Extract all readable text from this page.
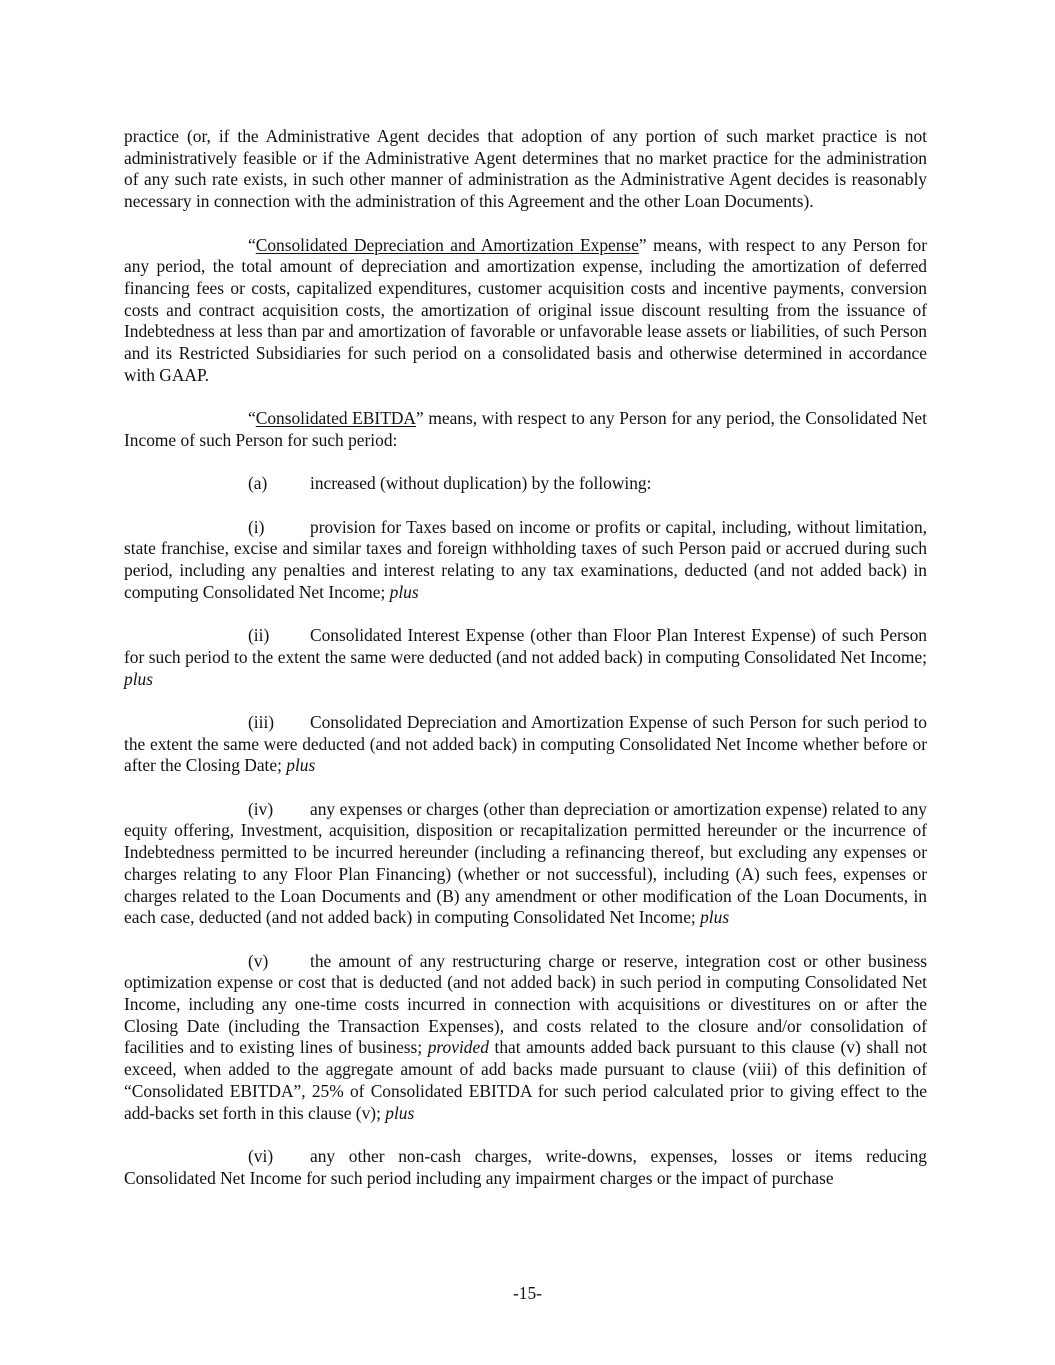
practice (or, if the Administrative Agent decides that adoption of any portion of such market practice is not administratively feasible or if the Administrative Agent determines that no market practice for the administration of any such rate exists, in such other manner of administration as the Administrative Agent decides is reasonably necessary in connection with the administration of this Agreement and the other Loan Documents).

“Consolidated Depreciation and Amortization Expense” means, with respect to any Person for any period, the total amount of depreciation and amortization expense, including the amortization of deferred financing fees or costs, capitalized expenditures, customer acquisition costs and incentive payments, conversion costs and contract acquisition costs, the amortization of original issue discount resulting from the issuance of Indebtedness at less than par and amortization of favorable or unfavorable lease assets or liabilities, of such Person and its Restricted Subsidiaries for such period on a consolidated basis and otherwise determined in accordance with GAAP.

“Consolidated EBITDA” means, with respect to any Person for any period, the Consolidated Net Income of such Person for such period:

(a) increased (without duplication) by the following:

(i)	provision for Taxes based on income or profits or capital, including, without limitation, state franchise, excise and similar taxes and foreign withholding taxes of such Person paid or accrued during such period, including any penalties and interest relating to any tax examinations, deducted (and not added back) in computing Consolidated Net Income; plus

(ii) Consolidated Interest Expense (other than Floor Plan Interest Expense) of such Person for such period to the extent the same were deducted (and not added back) in computing Consolidated Net Income; plus

(iii) Consolidated Depreciation and Amortization Expense of such Person for such period to the extent the same were deducted (and not added back) in computing Consolidated Net Income whether before or after the Closing Date; plus

(iv) any expenses or charges (other than depreciation or amortization expense) related to any equity offering, Investment, acquisition, disposition or recapitalization permitted hereunder or the incurrence of Indebtedness permitted to be incurred hereunder (including a refinancing thereof, but excluding any expenses or charges relating to any Floor Plan Financing) (whether or not successful), including (A) such fees, expenses or charges related to the Loan Documents and (B) any amendment or other modification of the Loan Documents, in each case, deducted (and not added back) in computing Consolidated Net Income; plus

(v) the amount of any restructuring charge or reserve, integration cost or other business optimization expense or cost that is deducted (and not added back) in such period in computing Consolidated Net Income, including any one-time costs incurred in connection with acquisitions or divestitures on or after the Closing Date (including the Transaction Expenses), and costs related to the closure and/or consolidation of facilities and to existing lines of business; provided that amounts added back pursuant to this clause (v) shall not exceed, when added to the aggregate amount of add backs made pursuant to clause (viii) of this definition of “Consolidated EBITDA”, 25% of Consolidated EBITDA for such period calculated prior to giving effect to the add-backs set forth in this clause (v); plus

(vi) any other non-cash charges, write-downs, expenses, losses or items reducing Consolidated Net Income for such period including any impairment charges or the impact of purchase

-15-
